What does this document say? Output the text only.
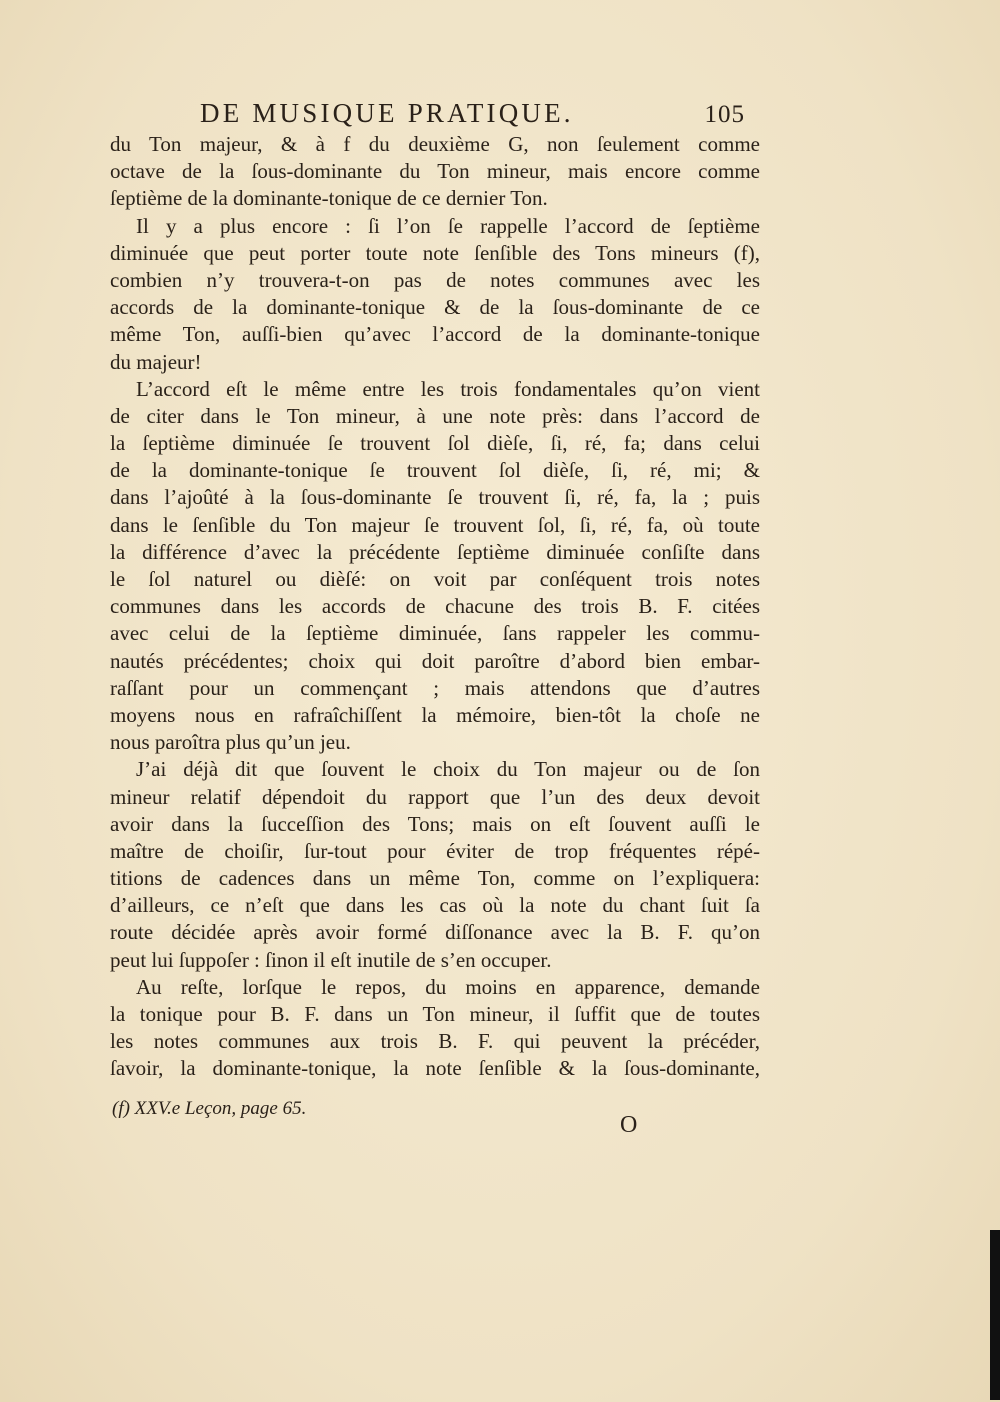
DE MUSIQUE PRATIQUE.	105
du Ton majeur, & à f du deuxième G, non ſeulement comme
octave de la ſous-dominante du Ton mineur, mais encore comme
ſeptième de la dominante-tonique de ce dernier Ton.
Il y a plus encore : ſi l’on ſe rappelle l’accord de ſeptième
diminuée que peut porter toute note ſenſible des Tons mineurs (f),
combien n’y trouvera-t-on pas de notes communes avec les
accords de la dominante-tonique & de la ſous-dominante de ce
même Ton, auſſi-bien qu’avec l’accord de la dominante-tonique
du majeur!
L’accord eſt le même entre les trois fondamentales qu’on vient
de citer dans le Ton mineur, à une note près: dans l’accord de
la ſeptième diminuée ſe trouvent ſol dièſe, ſi, ré, fa; dans celui
de la dominante-tonique ſe trouvent ſol dièſe, ſi, ré, mi; &
dans l’ajoûté à la ſous-dominante ſe trouvent ſi, ré, fa, la ; puis
dans le ſenſible du Ton majeur ſe trouvent ſol, ſi, ré, fa, où toute
la différence d’avec la précédente ſeptième diminuée conſiſte dans
le ſol naturel ou dièſé: on voit par conſéquent trois notes
communes dans les accords de chacune des trois B. F. citées
avec celui de la ſeptième diminuée, ſans rappeler les commu-
nautés précédentes; choix qui doit paroître d’abord bien embar-
raſſant pour un commençant ; mais attendons que d’autres
moyens nous en rafraîchiſſent la mémoire, bien-tôt la choſe ne
nous paroîtra plus qu’un jeu.
J’ai déjà dit que ſouvent le choix du Ton majeur ou de ſon
mineur relatif dépendoit du rapport que l’un des deux devoit
avoir dans la ſucceſſion des Tons; mais on eſt ſouvent auſſi le
maître de choiſir, ſur-tout pour éviter de trop fréquentes répé-
titions de cadences dans un même Ton, comme on l’expliquera:
d’ailleurs, ce n’eſt que dans les cas où la note du chant ſuit ſa
route décidée après avoir formé diſſonance avec la B. F. qu’on
peut lui ſuppoſer : ſinon il eſt inutile de s’en occuper.
Au reſte, lorſque le repos, du moins en apparence, demande
la tonique pour B. F. dans un Ton mineur, il ſuffit que de toutes
les notes communes aux trois B. F. qui peuvent la précéder,
ſavoir, la dominante-tonique, la note ſenſible & la ſous-dominante,
(f) XXV.e Leçon, page 65.
O
